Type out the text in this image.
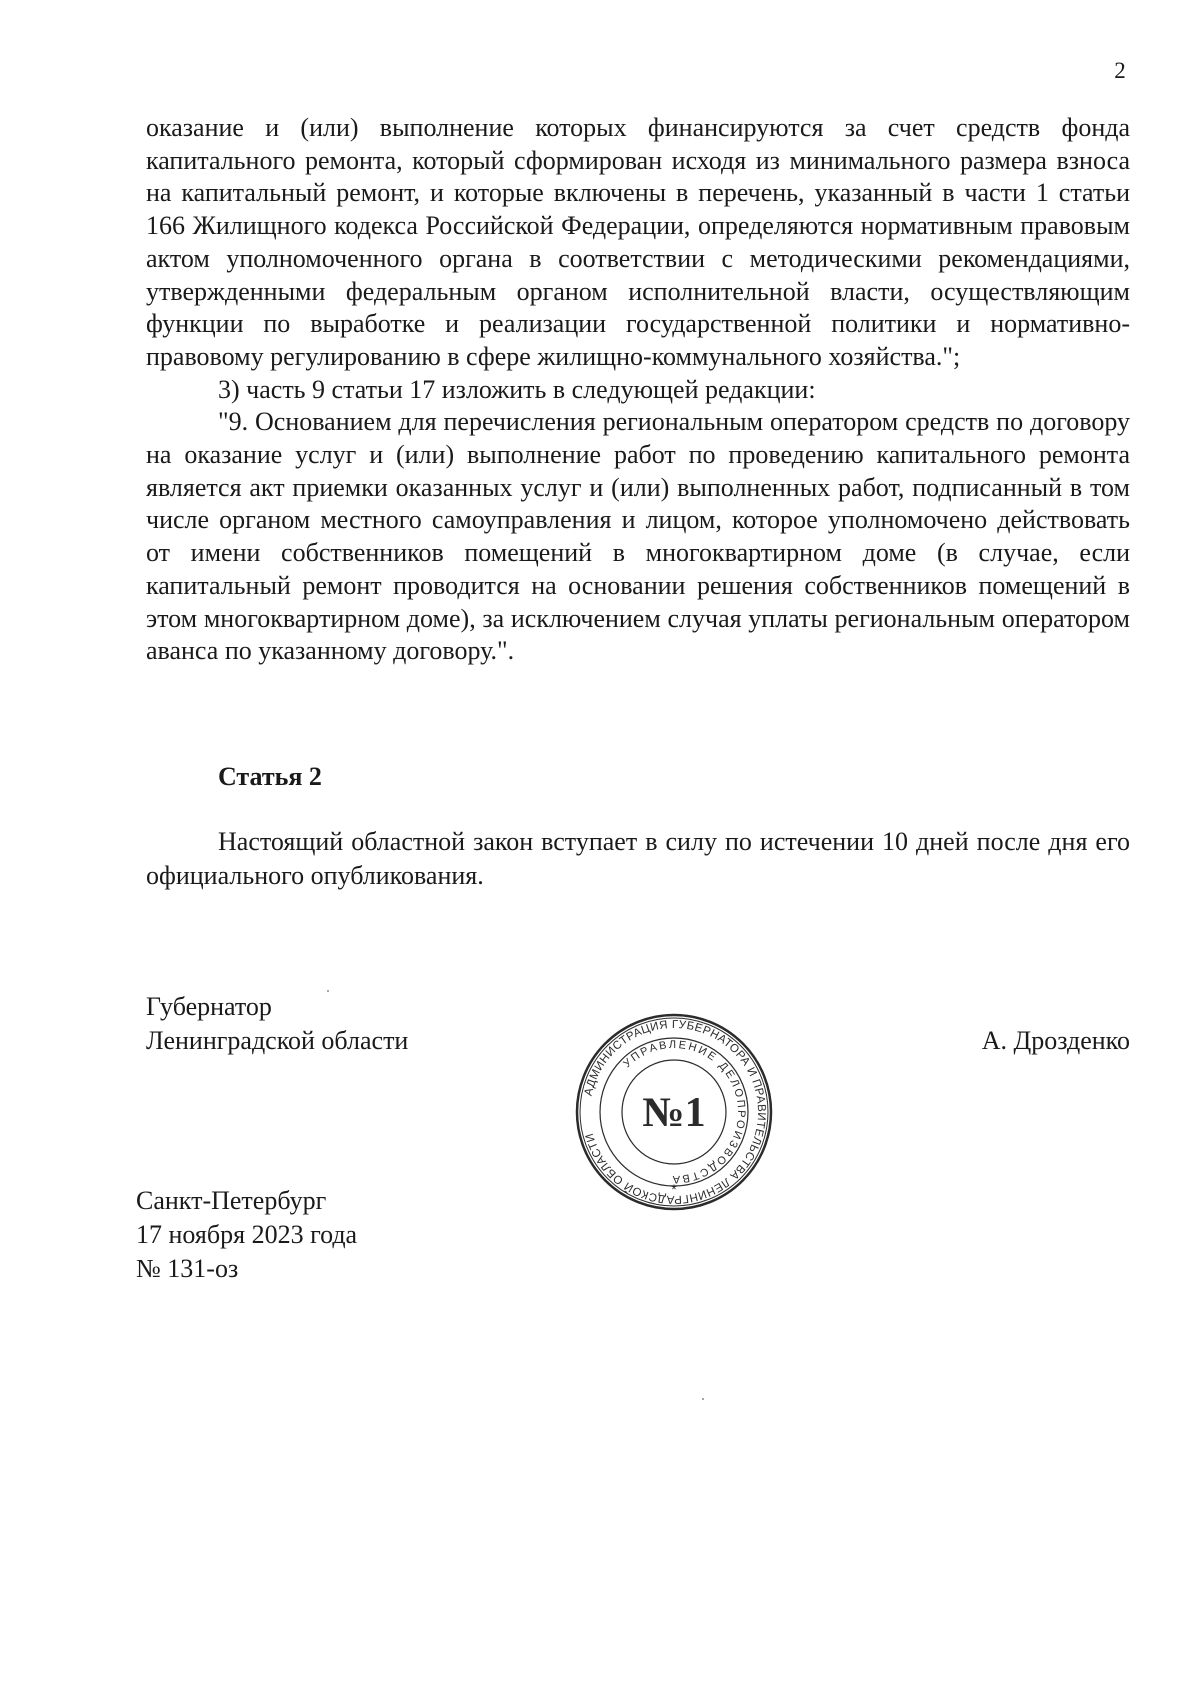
2

оказание и (или) выполнение которых финансируются за счет средств фонда капитального ремонта, который сформирован исходя из минимального размера взноса на капитальный ремонт, и которые включены в перечень, указанный в части 1 статьи 166 Жилищного кодекса Российской Федерации, определяются нормативным правовым актом уполномоченного органа в соответствии с методическими рекомендациями, утвержденными федеральным органом исполнительной власти, осуществляющим функции по выработке и реализации государственной политики и нормативно-правовому регулированию в сфере жилищно-коммунального хозяйства.";

3) часть 9 статьи 17 изложить в следующей редакции:

"9. Основанием для перечисления региональным оператором средств по договору на оказание услуг и (или) выполнение работ по проведению капитального ремонта является акт приемки оказанных услуг и (или) выполненных работ, подписанный в том числе органом местного самоуправления и лицом, которое уполномочено действовать от имени собственников помещений в многоквартирном доме (в случае, если капитальный ремонт проводится на основании решения собственников помещений в этом многоквартирном доме), за исключением случая уплаты региональным оператором аванса по указанному договору.".

Статья 2
Настоящий областной закон вступает в силу по истечении 10 дней после дня его официального опубликования.
Губернатор
Ленинградской области	А. Дрозденко
АДМИНИСТРАЦИЯ ГУБЕРНАТОРА И ПРАВИТЕЛЬСТВА ЛЕНИНГРАДСКОЙ ОБЛАСТИ
УПРАВЛЕНИЕ ДЕЛОПРОИЗВОДСТВА
№1
*
Санкт-Петербург
17 ноября 2023 года
№ 131-оз
